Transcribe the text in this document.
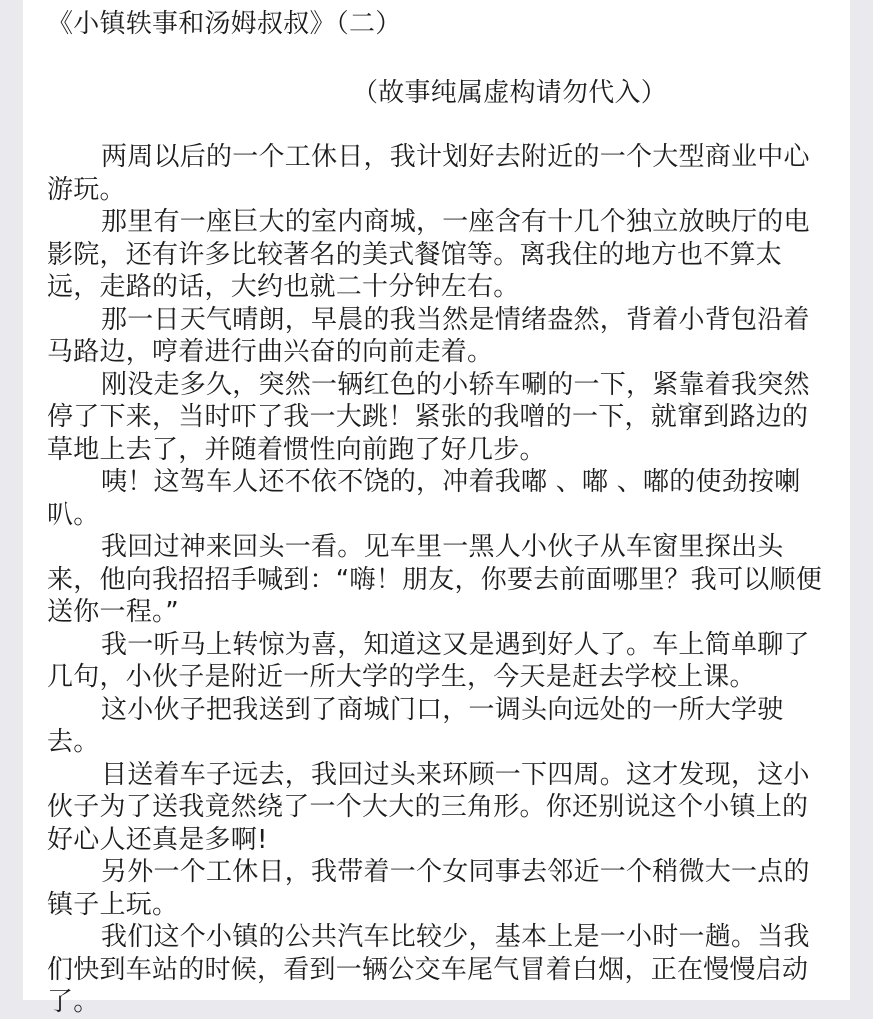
《小镇轶事和汤姆叔叔》（二）
（故事纯属虚构请勿代入）

两周以后的一个工休日，我计划好去附近的一个大型商业中心游玩。

那里有一座巨大的室内商城，一座含有十几个独立放映厅的电影院，还有许多比较著名的美式餐馆等。离我住的地方也不算太远，走路的话，大约也就二十分钟左右。

那一日天气晴朗，早晨的我当然是情绪盎然，背着小背包沿着马路边，哼着进行曲兴奋的向前走着。

刚没走多久，突然一辆红色的小轿车唰的一下，紧靠着我突然停了下来，当时吓了我一大跳！紧张的我噌的一下，就窜到路边的草地上去了，并随着惯性向前跑了好几步。

咦！这驾车人还不依不饶的，冲着我嘟 、嘟 、嘟的使劲按喇叭。

我回过神来回头一看。见车里一黑人小伙子从车窗里探出头来，他向我招招手喊到：“嗨！朋友，你要去前面哪里？我可以顺便送你一程。”

我一听马上转惊为喜，知道这又是遇到好人了。车上简单聊了几句，小伙子是附近一所大学的学生，今天是赶去学校上课。

这小伙子把我送到了商城门口，一调头向远处的一所大学驶去。

目送着车子远去，我回过头来环顾一下四周。这才发现，这小伙子为了送我竟然绕了一个大大的三角形。你还别说这个小镇上的好心人还真是多啊!

另外一个工休日，我带着一个女同事去邻近一个稍微大一点的镇子上玩。

我们这个小镇的公共汽车比较少，基本上是一小时一趟。当我们快到车站的时候，看到一辆公交车尾气冒着白烟，正在慢慢启动了。
